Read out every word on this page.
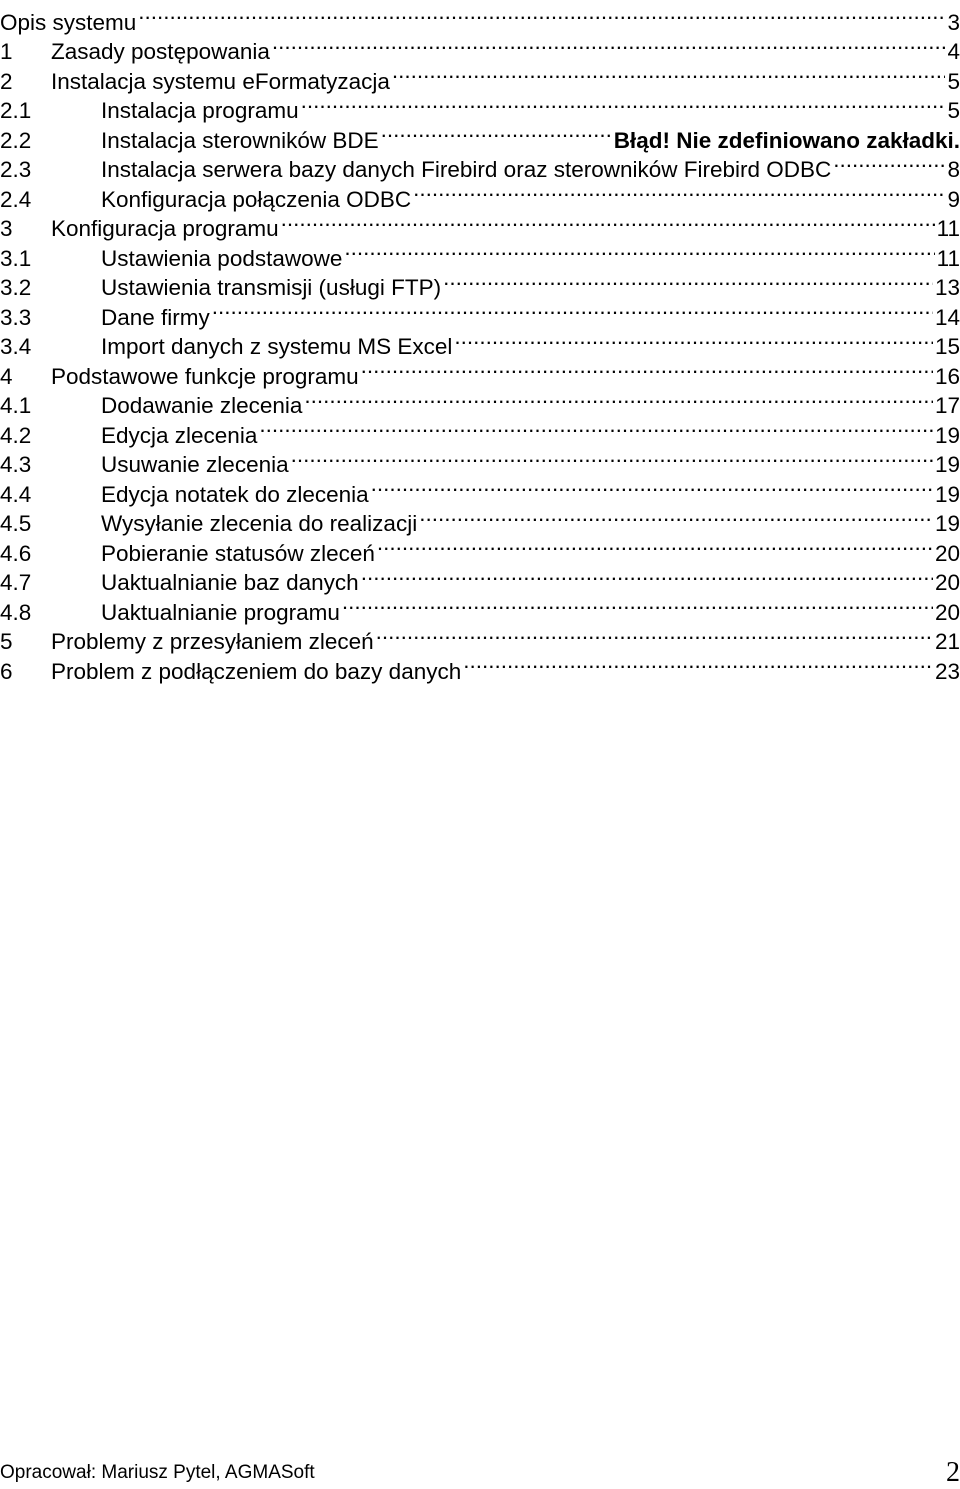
Opis systemu .....	3
1	Zasady postępowania .....	4
2	Instalacja systemu eFormatyzacja .....	5
2.1	Instalacja programu .....	5
2.2	Instalacja sterowników BDE .....	Błąd! Nie zdefiniowano zakładki.
2.3	Instalacja serwera bazy danych Firebird oraz sterowników Firebird ODBC .....	8
2.4	Konfiguracja połączenia ODBC .....	9
3	Konfiguracja programu .....	11
3.1	Ustawienia podstawowe .....	11
3.2	Ustawienia transmisji (usługi FTP) .....	13
3.3	Dane firmy .....	14
3.4	Import danych z systemu MS Excel .....	15
4	Podstawowe funkcje programu .....	16
4.1	Dodawanie zlecenia .....	17
4.2	Edycja zlecenia .....	19
4.3	Usuwanie zlecenia .....	19
4.4	Edycja notatek do zlecenia .....	19
4.5	Wysyłanie zlecenia do realizacji .....	19
4.6	Pobieranie statusów zleceń .....	20
4.7	Uaktualnianie baz danych .....	20
4.8	Uaktualnianie programu .....	20
5	Problemy z przesyłaniem zleceń .....	21
6	Problem z podłączeniem do bazy danych .....	23
Opracował: Mariusz Pytel, AGMASoft	2
